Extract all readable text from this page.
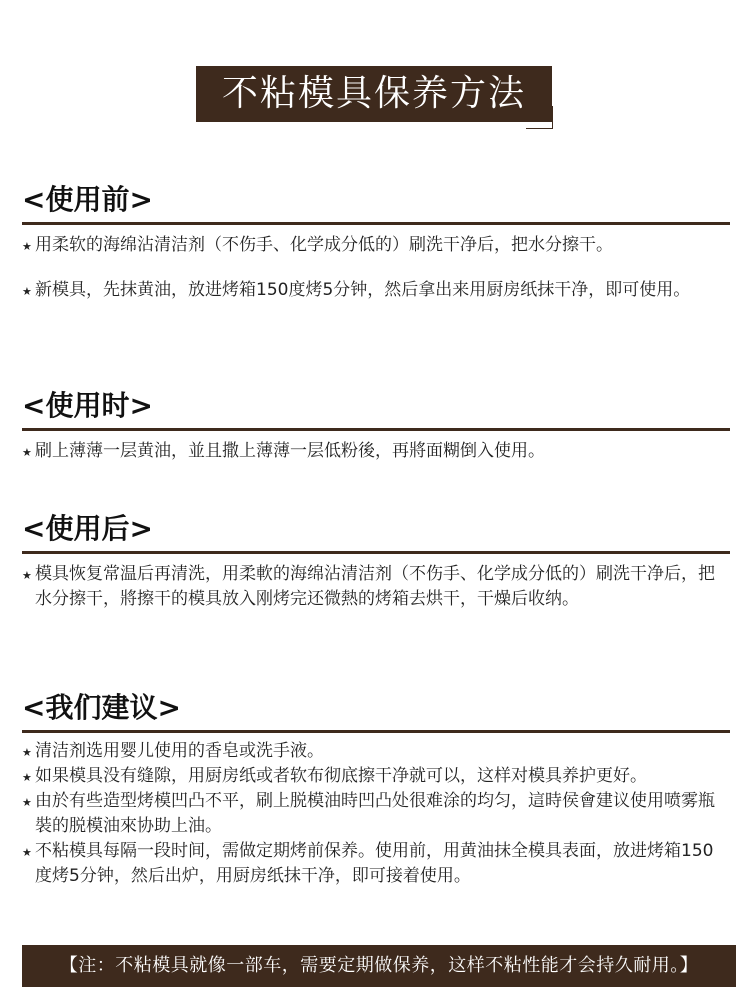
不粘模具保养方法
<使用前>
★ 用柔软的海绵沾清洁剂（不伤手、化学成分低的）刷洗干净后，把水分擦干。
★ 新模具，先抹黄油，放进烤箱150度烤5分钟，然后拿出来用厨房纸抹干净，即可使用。
<使用时>
★ 刷上薄薄一层黄油，並且撒上薄薄一层低粉後，再將面糊倒入使用。
<使用后>
★ 模具恢复常温后再清洗，用柔軟的海绵沾清洁剂（不伤手、化学成分低的）刷洗干净后，把水分擦干，將擦干的模具放入刚烤完还微熱的烤箱去烘干，干燥后收纳。
<我们建议>
★ 清洁剂选用婴儿使用的香皂或洗手液。
★ 如果模具没有缝隙，用厨房纸或者软布彻底擦干净就可以，这样对模具养护更好。
★ 由於有些造型烤模凹凸不平，刷上脱模油時凹凸处很难涂的均匀，這時侯會建议使用喷雾瓶裝的脱模油來协助上油。
★ 不粘模具每隔一段时间，需做定期烤前保养。使用前，用黄油抹全模具表面，放进烤箱150度烤5分钟，然后出炉，用厨房纸抹干净，即可接着使用。
【注：不粘模具就像一部车，需要定期做保养，这样不粘性能才会持久耐用。】
